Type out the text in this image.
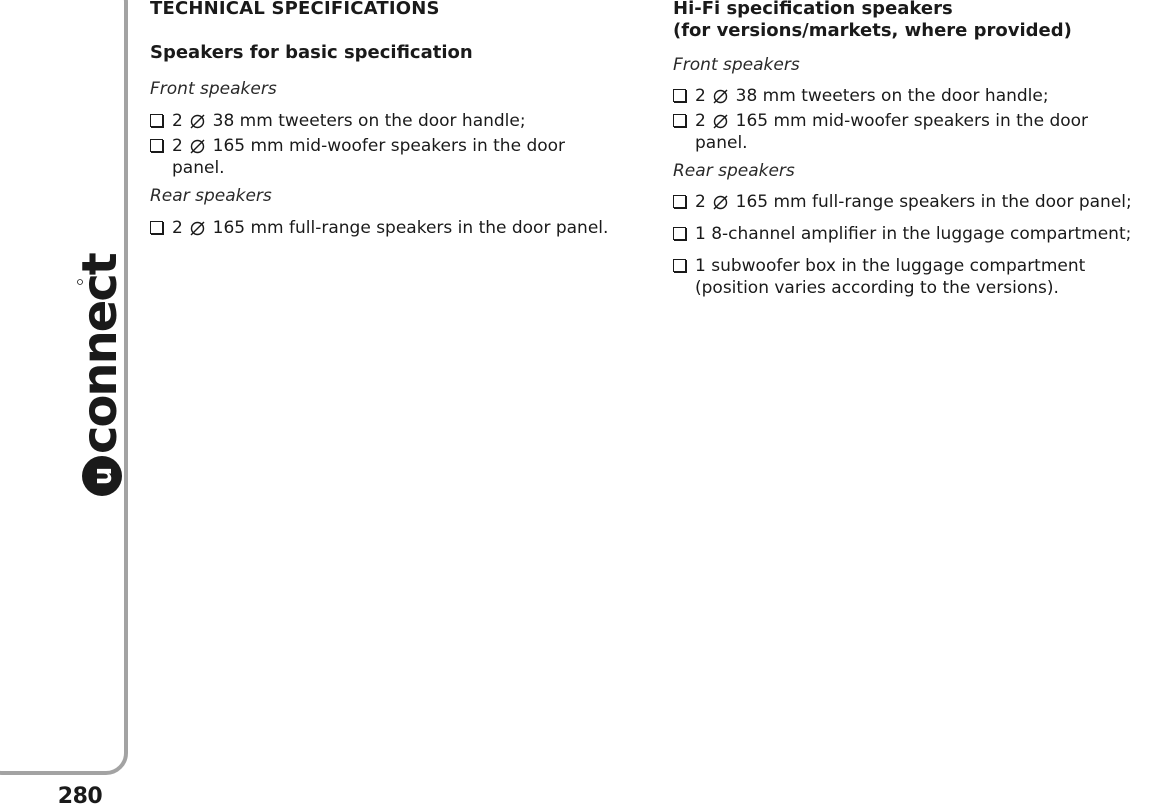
u
connect
280

TECHNICAL SPECIFICATIONS

Speakers for basic specification

Front speakers

2 38 mm tweeters on the door handle;

2 165 mm mid-woofer speakers in the door
panel.

Rear speakers

2 165 mm full-range speakers in the door panel.

Hi-Fi specification speakers
(for versions/markets, where provided)

Front speakers

2 38 mm tweeters on the door handle;

2 165 mm mid-woofer speakers in the door
panel.

Rear speakers

2 165 mm full-range speakers in the door panel;

1 8-channel amplifier in the luggage compartment;

1 subwoofer box in the luggage compartment
(position varies according to the versions).
